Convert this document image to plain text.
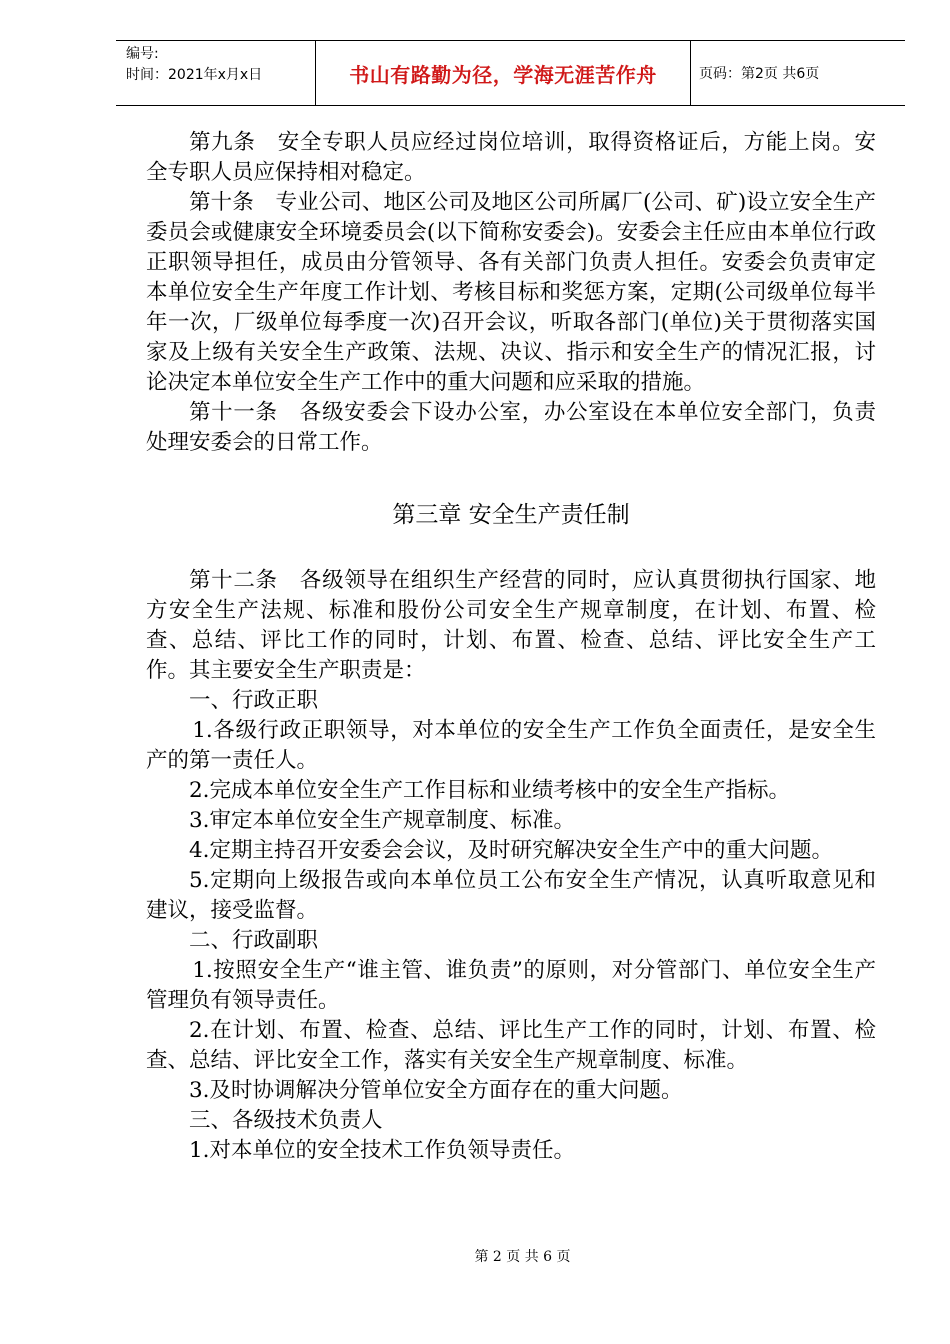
编号:
时间：2021年x月x日	书山有路勤为径，学海无涯苦作舟	页码：第2页 共6页

第九条　安全专职人员应经过岗位培训，取得资格证后，方能上岗。安全专职人员应保持相对稳定。

第十条　专业公司、地区公司及地区公司所属厂(公司、矿)设立安全生产委员会或健康安全环境委员会(以下简称安委会)。安委会主任应由本单位行政正职领导担任，成员由分管领导、各有关部门负责人担任。安委会负责审定本单位安全生产年度工作计划、考核目标和奖惩方案，定期(公司级单位每半年一次，厂级单位每季度一次)召开会议，听取各部门(单位)关于贯彻落实国家及上级有关安全生产政策、法规、决议、指示和安全生产的情况汇报，讨论决定本单位安全生产工作中的重大问题和应采取的措施。

第十一条　各级安委会下设办公室，办公室设在本单位安全部门，负责处理安委会的日常工作。

第三章 安全生产责任制

第十二条　各级领导在组织生产经营的同时，应认真贯彻执行国家、地方安全生产法规、标准和股份公司安全生产规章制度，在计划、布置、检查、总结、评比工作的同时，计划、布置、检查、总结、评比安全生产工作。其主要安全生产职责是：

一、行政正职

1.各级行政正职领导，对本单位的安全生产工作负全面责任，是安全生产的第一责任人。

2.完成本单位安全生产工作目标和业绩考核中的安全生产指标。

3.审定本单位安全生产规章制度、标准。

4.定期主持召开安委会会议，及时研究解决安全生产中的重大问题。

5.定期向上级报告或向本单位员工公布安全生产情况，认真听取意见和建议，接受监督。

二、行政副职

1.按照安全生产“谁主管、谁负责”的原则，对分管部门、单位安全生产管理负有领导责任。

2.在计划、布置、检查、总结、评比生产工作的同时，计划、布置、检查、总结、评比安全工作，落实有关安全生产规章制度、标准。

3.及时协调解决分管单位安全方面存在的重大问题。

三、各级技术负责人

1.对本单位的安全技术工作负领导责任。

第 2 页 共 6 页
